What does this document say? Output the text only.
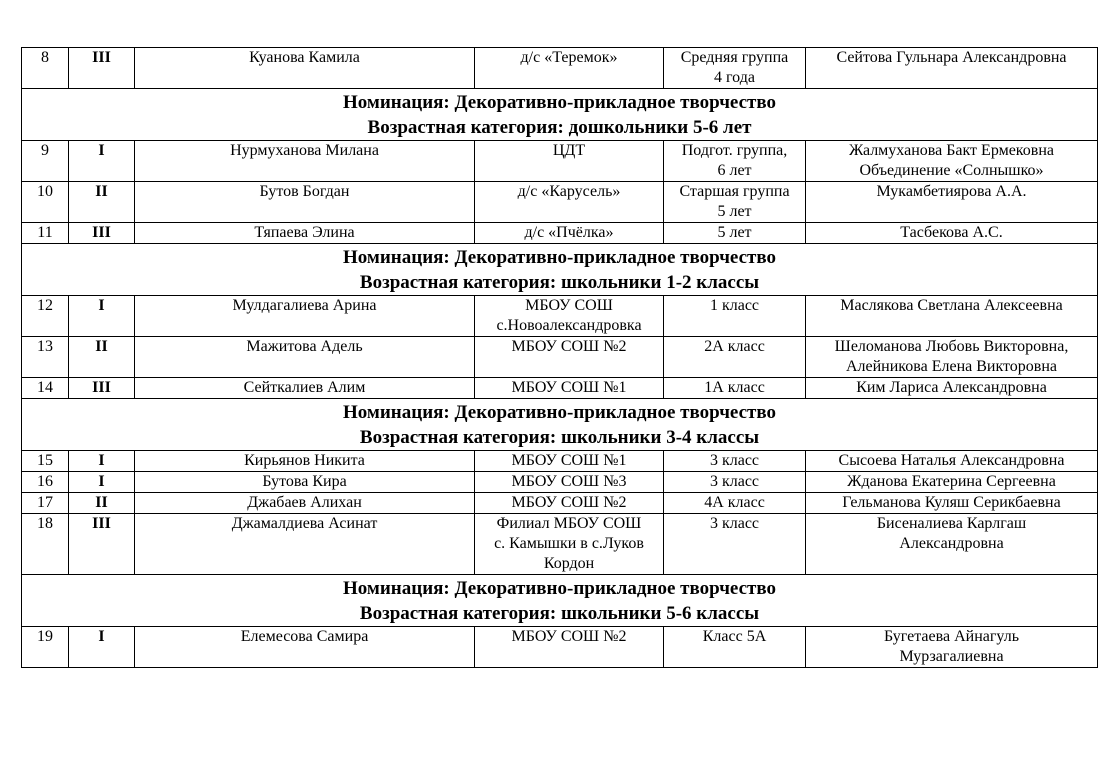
8	III	Куанова Камила	д/с «Теремок»	Средняя группа
4 года	Сейтова Гульнара Александровна

Номинация: Декоративно-прикладное творчество
Возрастная категория: дошкольники 5-6 лет					

9	I	Нурмуханова Милана	ЦДТ	Подгот. группа,
6 лет	Жалмуханова Бакт Ермековна
Объединение «Солнышко»

10	II	Бутов Богдан	д/с «Карусель»	Старшая группа
5 лет	Мукамбетиярова А.А.

11	III	Тяпаева Элина	д/с «Пчёлка»	5 лет	Тасбекова А.С.

Номинация: Декоративно-прикладное творчество
Возрастная категория: школьники 1-2 классы					

12	I	Мулдагалиева Арина	МБОУ СОШ
с.Новоалександровка	1 класс	Маслякова Светлана Алексеевна

13	II	Мажитова Адель	МБОУ СОШ №2	2А класс	Шеломанова Любовь Викторовна,
Алейникова Елена Викторовна

14	III	Сейткалиев Алим	МБОУ СОШ №1	1А класс	Ким Лариса Александровна

Номинация: Декоративно-прикладное творчество
Возрастная категория: школьники 3-4 классы					

15	I	Кирьянов Никита	МБОУ СОШ №1	3 класс	Сысоева Наталья Александровна

16	I	Бутова Кира	МБОУ СОШ №3	3 класс	Жданова Екатерина Сергеевна

17	II	Джабаев Алихан	МБОУ СОШ №2	4А класс	Гельманова Куляш Серикбаевна

18	III	Джамалдиева Асинат	Филиал МБОУ СОШ
с. Камышки в с.Луков
Кордон	3 класс	Бисеналиева Карлгаш
Александровна

Номинация: Декоративно-прикладное творчество
Возрастная категория: школьники 5-6 классы					

19	I	Елемесова Самира	МБОУ СОШ №2	Класс 5А	Бугетаева Айнагуль
Мурзагалиевна
